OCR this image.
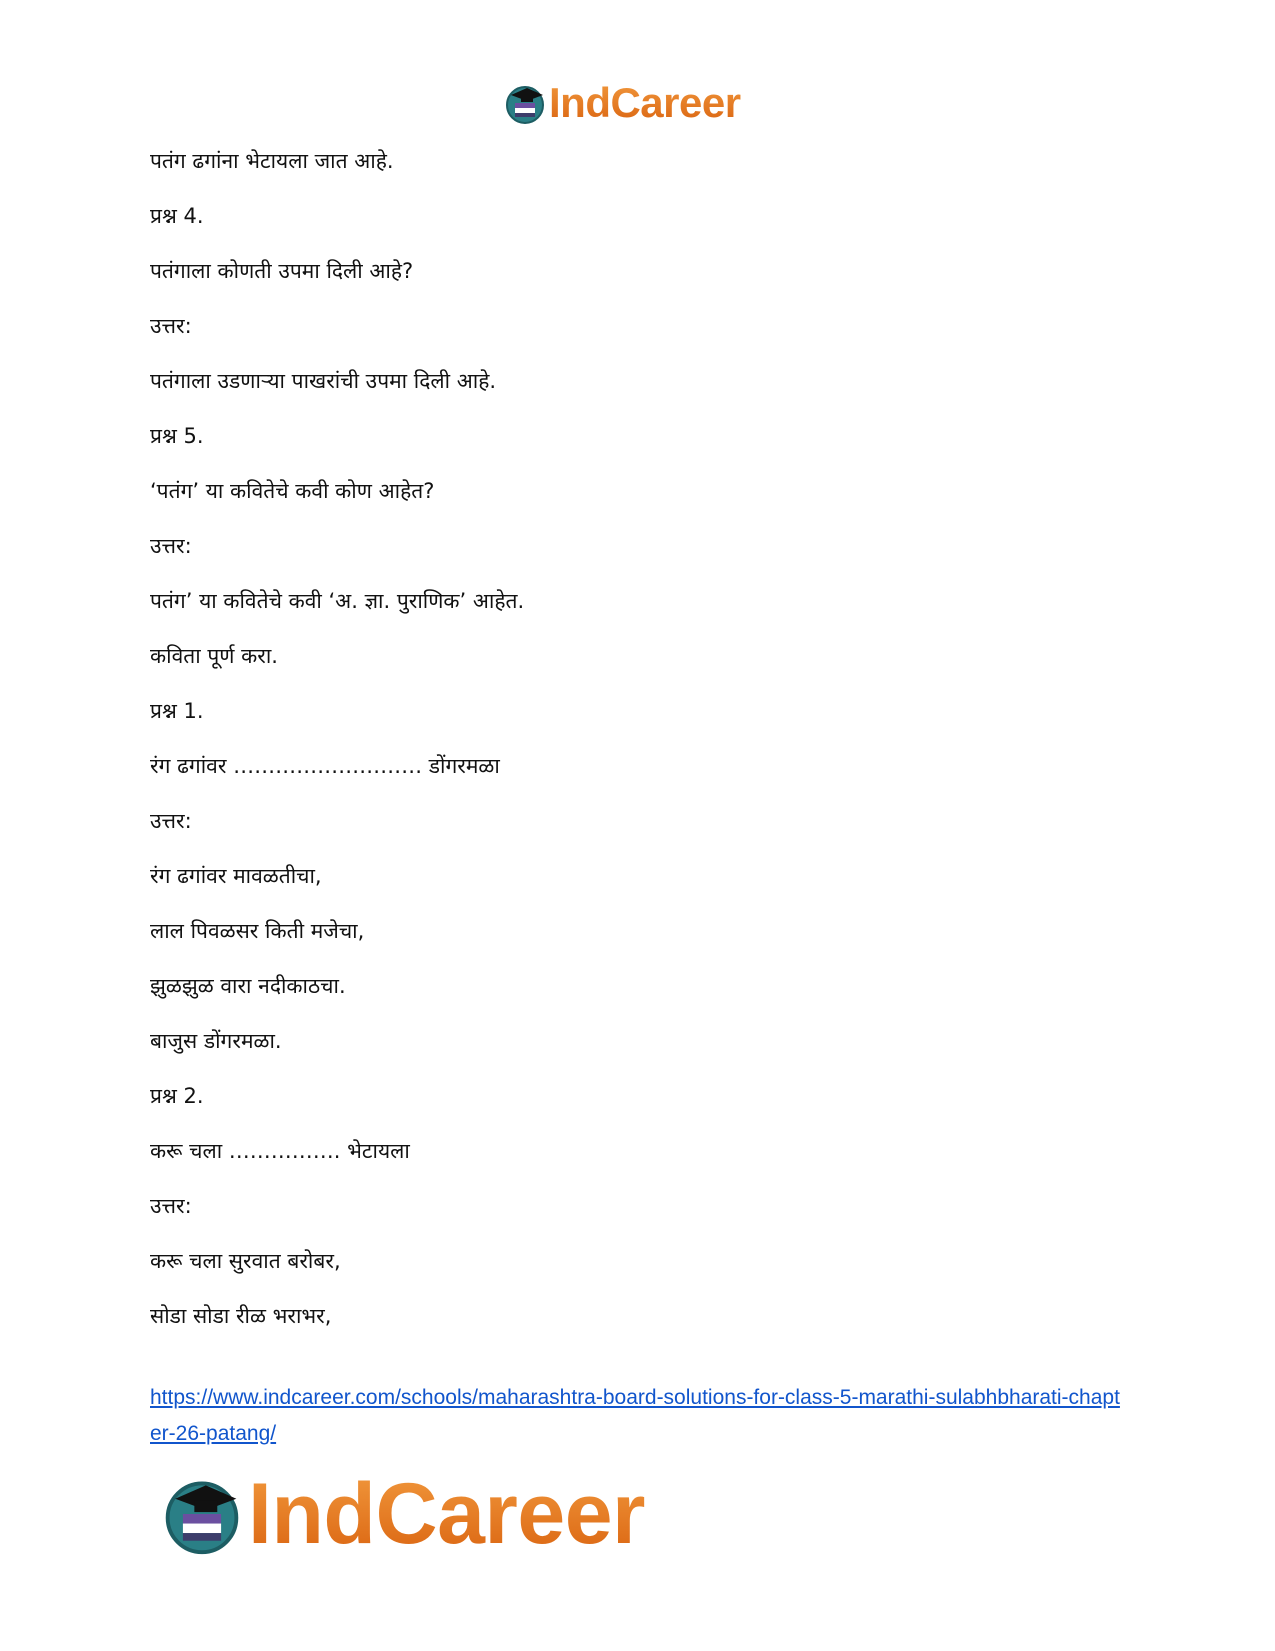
IndCareer
पतंग ढगांना भेटायला जात आहे.
प्रश्न 4.
पतंगाला कोणती उपमा दिली आहे?
उत्तर:
पतंगाला उडणाऱ्या पाखरांची उपमा दिली आहे.
प्रश्न 5.
‘पतंग’ या कवितेचे कवी कोण आहेत?
उत्तर:
पतंग’ या कवितेचे कवी ‘अ. ज्ञा. पुराणिक’ आहेत.
कविता पूर्ण करा.
प्रश्न 1.
रंग ढगांवर ……………………… डोंगरमळा
उत्तर:
रंग ढगांवर मावळतीचा,
लाल पिवळसर किती मजेचा,
झुळझुळ वारा नदीकाठचा.
बाजुस डोंगरमळा.
प्रश्न 2.
करू चला ……………. भेटायला
उत्तर:
करू चला सुरवात बरोबर,
सोडा सोडा रीळ भराभर,
https://www.indcareer.com/schools/maharashtra-board-solutions-for-class-5-marathi-sulabhbharati-chapter-26-patang/
IndCareer
